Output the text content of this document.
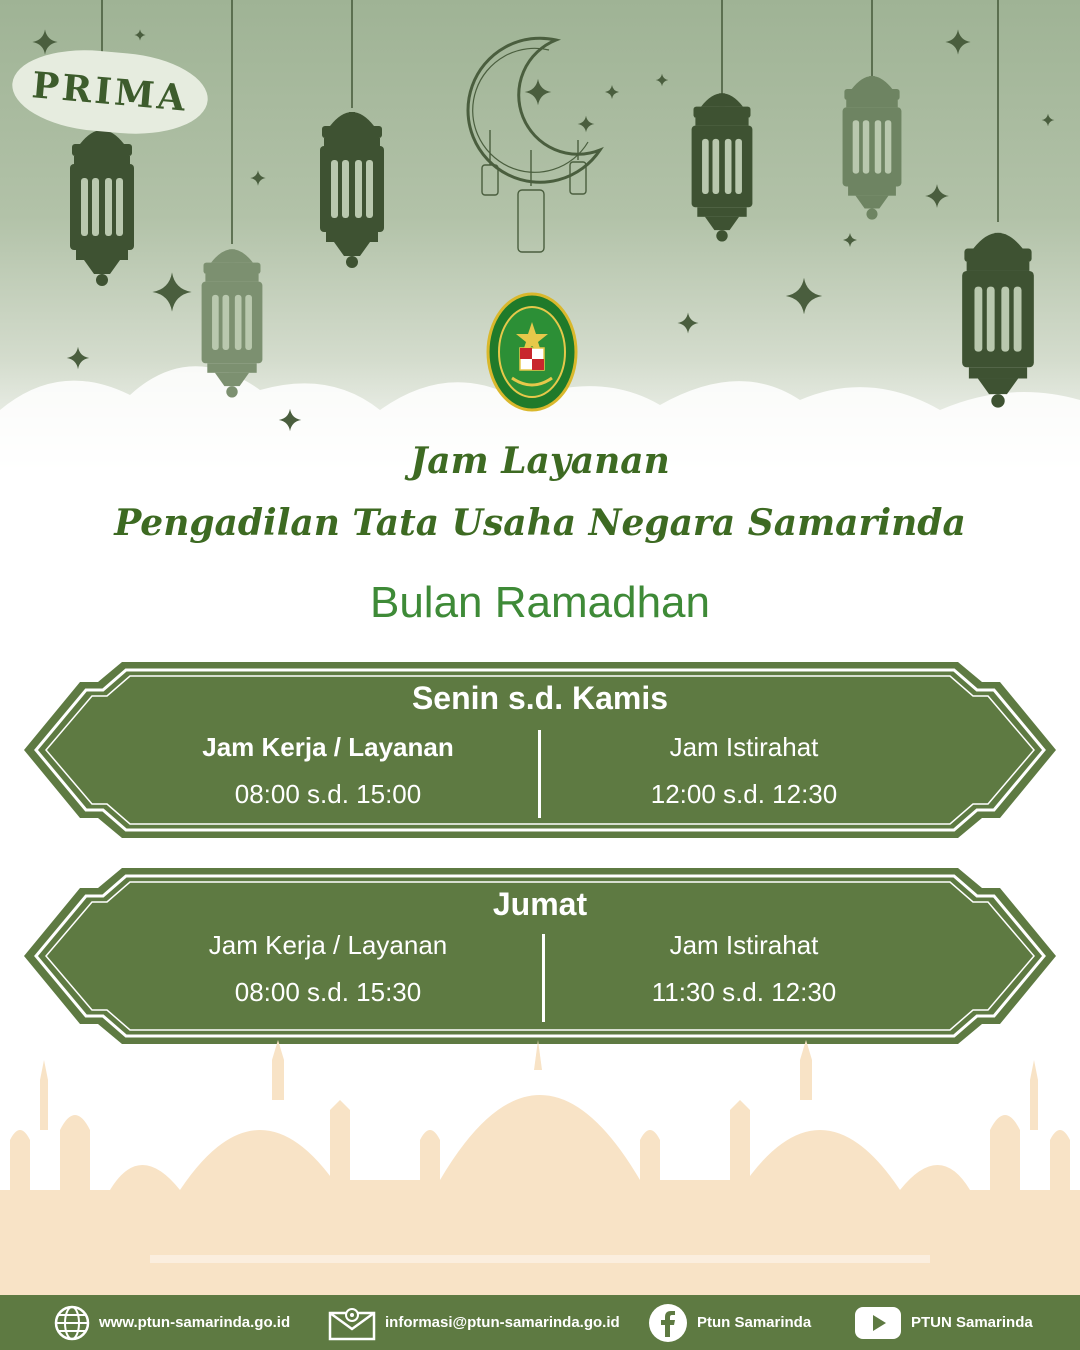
PRIMA
Jam Layanan
Pengadilan Tata Usaha Negara Samarinda
Bulan Ramadhan
Senin s.d. Kamis
Jam Kerja / Layanan
08:00 s.d. 15:00
Jam Istirahat
12:00 s.d. 12:30
Jumat
Jam Kerja / Layanan
08:00 s.d. 15:30
Jam Istirahat
11:30 s.d. 12:30
www.ptun-samarinda.go.id	informasi@ptun-samarinda.go.id	Ptun Samarinda	PTUN Samarinda
